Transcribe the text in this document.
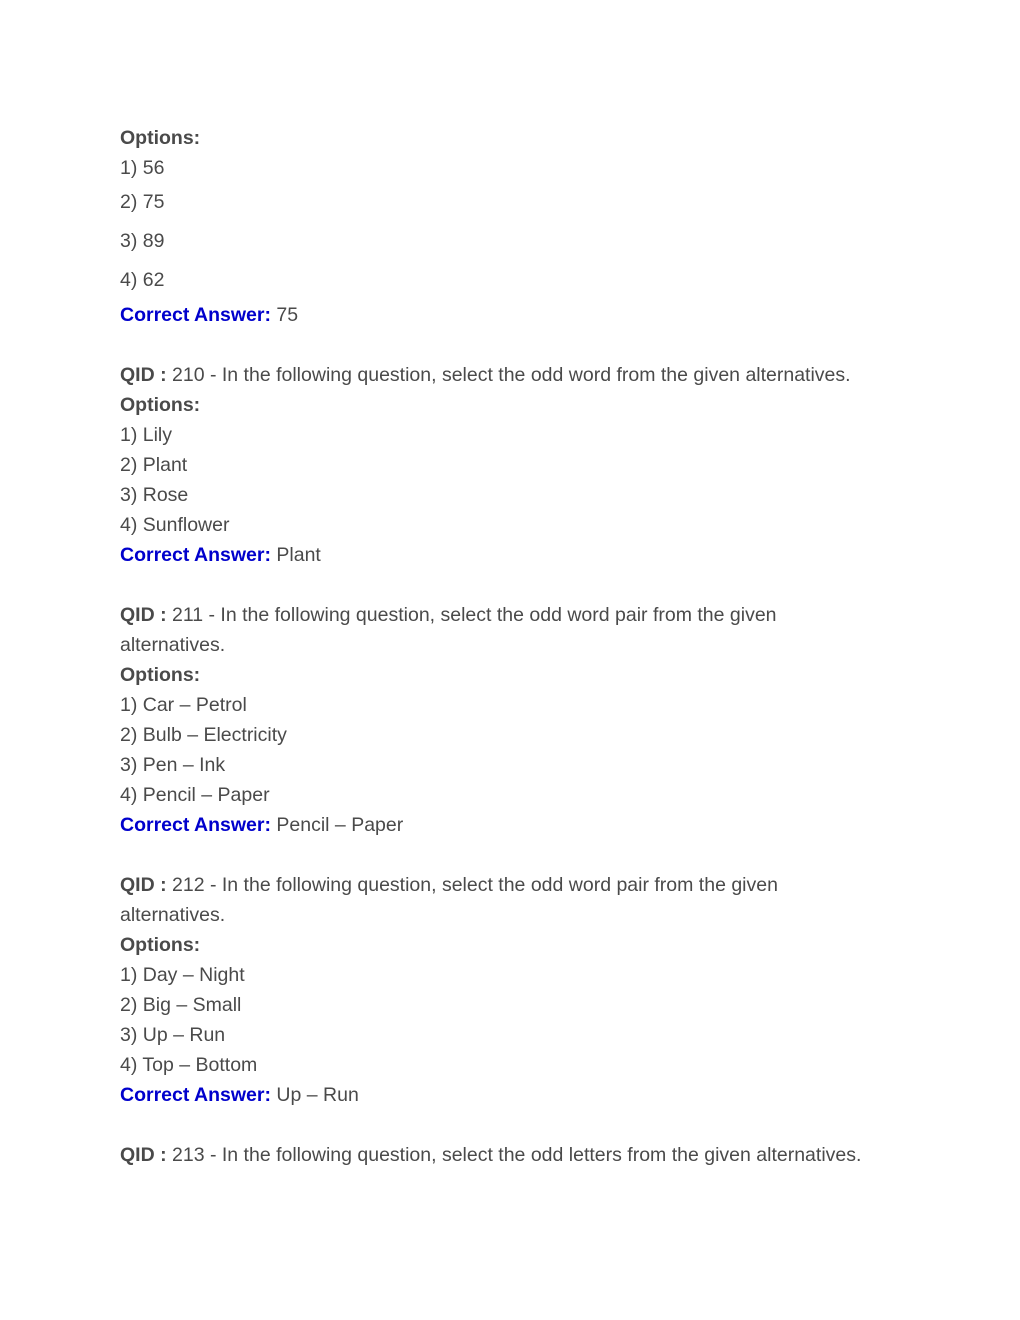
Options:
1) 56
2) 75
3) 89
4) 62
Correct Answer: 75
QID : 210 - In the following question, select the odd word from the given alternatives.
Options:
1) Lily
2) Plant
3) Rose
4) Sunflower
Correct Answer: Plant
QID : 211 - In the following question, select the odd word pair from the given
alternatives.
Options:
1) Car – Petrol
2) Bulb – Electricity
3) Pen – Ink
4) Pencil – Paper
Correct Answer: Pencil – Paper
QID : 212 - In the following question, select the odd word pair from the given
alternatives.
Options:
1) Day – Night
2) Big – Small
3) Up – Run
4) Top – Bottom
Correct Answer: Up – Run
QID : 213 - In the following question, select the odd letters from the given alternatives.
